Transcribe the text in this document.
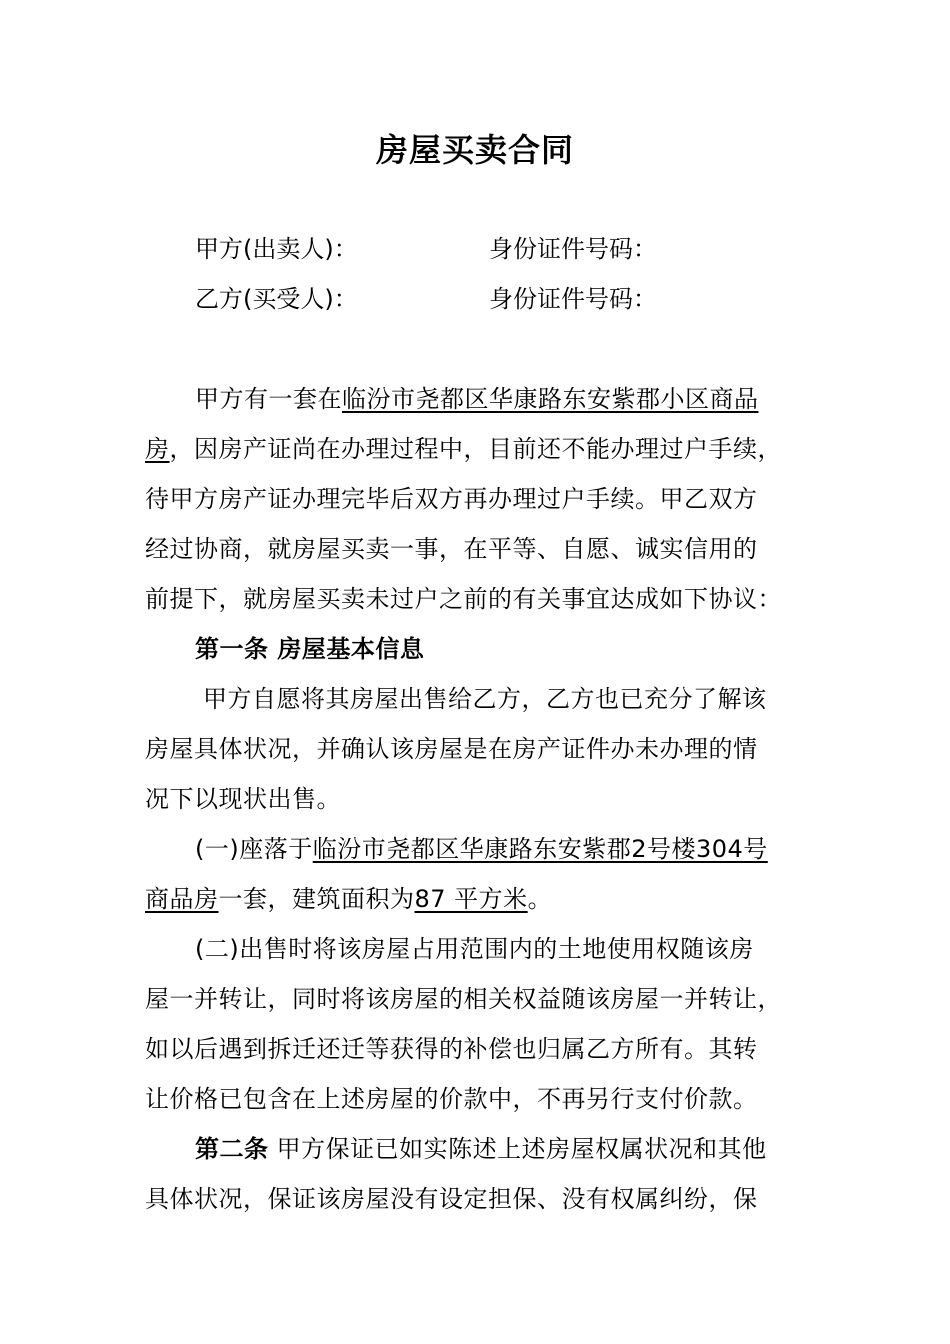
房屋买卖合同
甲方(出卖人)：	身份证件号码：
乙方(买受人)：	身份证件号码：
甲方有一套在临汾市尧都区华康路东安紫郡小区商品
房，因房产证尚在办理过程中，目前还不能办理过户手续，
待甲方房产证办理完毕后双方再办理过户手续。甲乙双方
经过协商，就房屋买卖一事，在平等、自愿、诚实信用的
前提下，就房屋买卖未过户之前的有关事宜达成如下协议：
第一条 房屋基本信息
甲方自愿将其房屋出售给乙方，乙方也已充分了解该
房屋具体状况，并确认该房屋是在房产证件办未办理的情
况下以现状出售。
(一)座落于临汾市尧都区华康路东安紫郡2号楼304号
商品房一套，建筑面积为87 平方米。
(二)出售时将该房屋占用范围内的土地使用权随该房
屋一并转让，同时将该房屋的相关权益随该房屋一并转让，
如以后遇到拆迁还迁等获得的补偿也归属乙方所有。其转
让价格已包含在上述房屋的价款中，不再另行支付价款。
第二条 甲方保证已如实陈述上述房屋权属状况和其他
具体状况，保证该房屋没有设定担保、没有权属纠纷，保
